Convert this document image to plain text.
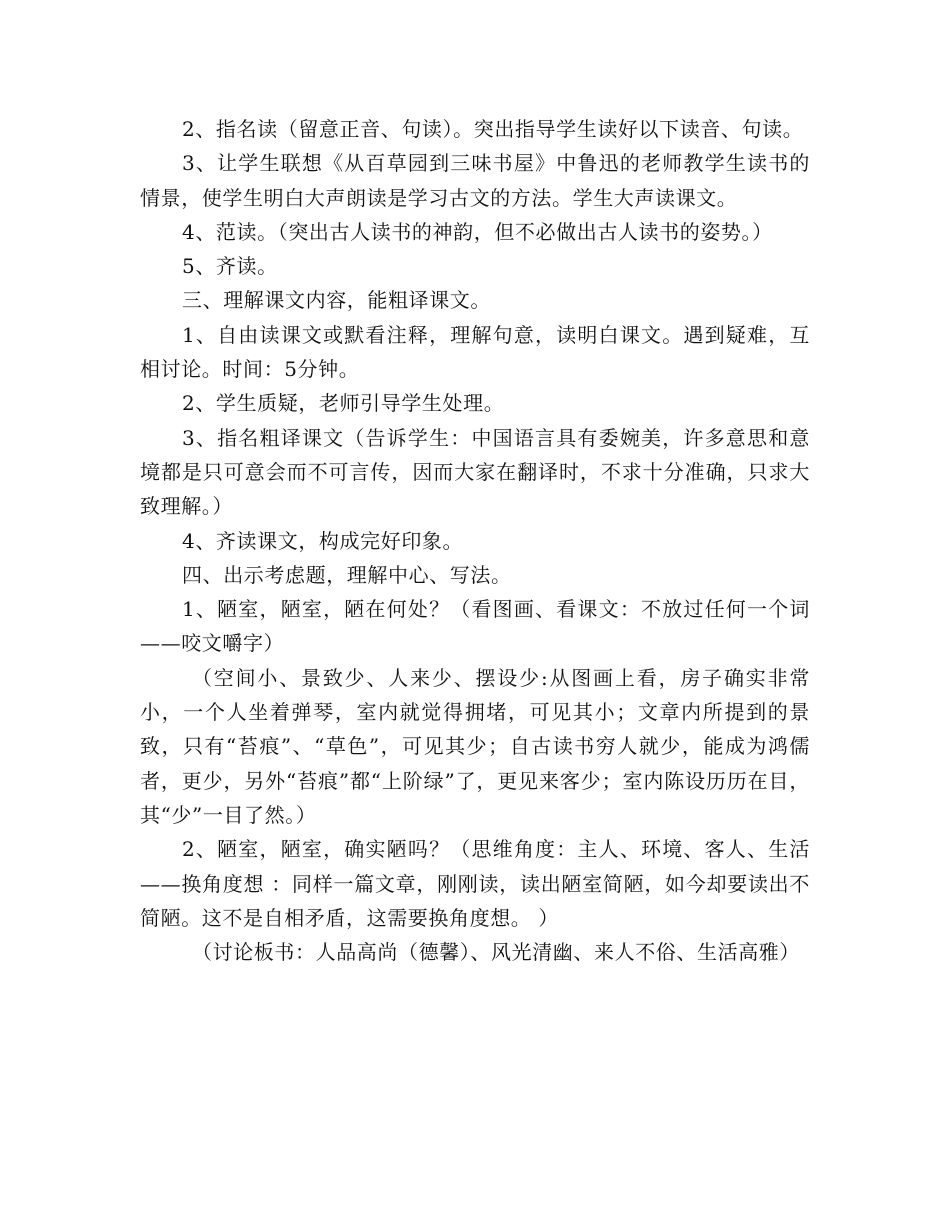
2、指名读（留意正音、句读）。突出指导学生读好以下读音、句读。

3、让学生联想《从百草园到三味书屋》中鲁迅的老师教学生读书的情景，使学生明白大声朗读是学习古文的方法。学生大声读课文。

4、范读。（突出古人读书的神韵，但不必做出古人读书的姿势。）

5、齐读。

三、理解课文内容，能粗译课文。

1、自由读课文或默看注释，理解句意，读明白课文。遇到疑难，互相讨论。时间：5分钟。

2、学生质疑，老师引导学生处理。

3、指名粗译课文（告诉学生：中国语言具有委婉美，许多意思和意境都是只可意会而不可言传，因而大家在翻译时，不求十分准确，只求大致理解。）

4、齐读课文，构成完好印象。

四、出示考虑题，理解中心、写法。

1、陋室，陋室，陋在何处？（看图画、看课文：不放过任何一个词——咬文嚼字）

（空间小、景致少、人来少、摆设少:从图画上看，房子确实非常小，一个人坐着弹琴，室内就觉得拥堵，可见其小；文章内所提到的景致，只有“苔痕”、“草色”，可见其少；自古读书穷人就少，能成为鸿儒者，更少，另外“苔痕”都“上阶绿”了，更见来客少；室内陈设历历在目，其“少”一目了然。）

2、陋室，陋室，确实陋吗？（思维角度：主人、环境、客人、生活——换角度想 ：同样一篇文章，刚刚读，读出陋室简陋，如今却要读出不简陋。这不是自相矛盾，这需要换角度想。 ）

（讨论板书：人品高尚（德馨）、风光清幽、来人不俗、生活高雅）
